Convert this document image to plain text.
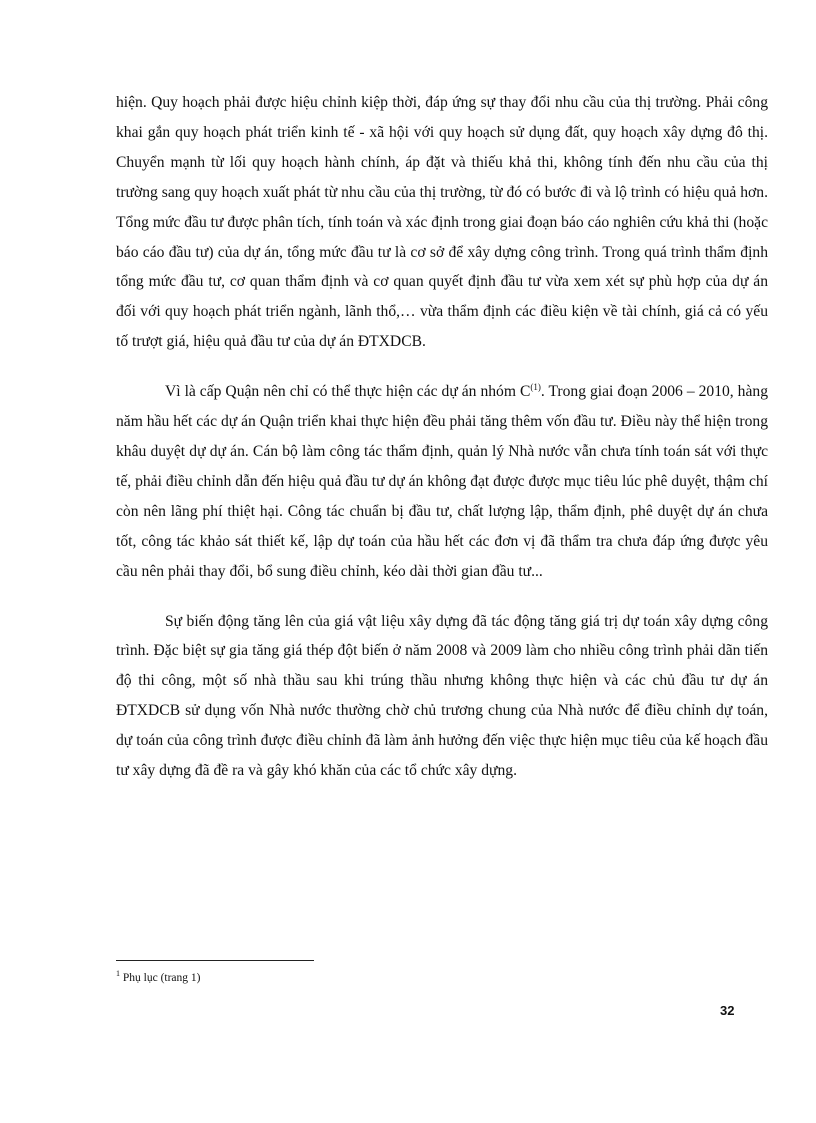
hiện. Quy hoạch phải được hiệu chỉnh kiệp thời, đáp ứng sự thay đổi nhu cầu của thị trường. Phải công khai gắn quy hoạch phát triển kinh tế - xã hội với quy hoạch sử dụng đất, quy hoạch xây dựng đô thị. Chuyển mạnh từ lối quy hoạch hành chính, áp đặt và thiếu khả thi, không tính đến nhu cầu của thị trường sang quy hoạch xuất phát từ nhu cầu của thị trường, từ đó có bước đi và lộ trình có hiệu quả hơn. Tổng mức đầu tư được phân tích, tính toán và xác định trong giai đoạn báo cáo nghiên cứu khả thi (hoặc báo cáo đầu tư) của dự án, tổng mức đầu tư là cơ sở để xây dựng công trình. Trong quá trình thẩm định tổng mức đầu tư, cơ quan thẩm định và cơ quan quyết định đầu tư vừa xem xét sự phù hợp của dự án đối với quy hoạch phát triển ngành, lãnh thổ,… vừa thẩm định các điều kiện về tài chính, giá cả có yếu tố trượt giá, hiệu quả đầu tư của dự án ĐTXDCB.

Vì là cấp Quận nên chỉ có thể thực hiện các dự án nhóm C$^{(1)}$. Trong giai đoạn 2006 – 2010, hàng năm hầu hết các dự án Quận triển khai thực hiện đều phải tăng thêm vốn đầu tư. Điều này thể hiện trong khâu duyệt dự dự án. Cán bộ làm công tác thẩm định, quản lý Nhà nước vẫn chưa tính toán sát với thực tế, phải điều chỉnh dẫn đến hiệu quả đầu tư dự án không đạt được được mục tiêu lúc phê duyệt, thậm chí còn nên lãng phí thiệt hại. Công tác chuẩn bị đầu tư, chất lượng lập, thẩm định, phê duyệt dự án chưa tốt, công tác khảo sát thiết kế, lập dự toán của hầu hết các đơn vị đã thẩm tra chưa đáp ứng được yêu cầu nên phải thay đổi, bổ sung điều chỉnh, kéo dài thời gian đầu tư...

Sự biến động tăng lên của giá vật liệu xây dựng đã tác động tăng giá trị dự toán xây dựng công trình. Đặc biệt sự gia tăng giá thép đột biến ở năm 2008 và 2009 làm cho nhiều công trình phải dãn tiến độ thi công, một số nhà thầu sau khi trúng thầu nhưng không thực hiện và các chủ đầu tư dự án ĐTXDCB sử dụng vốn Nhà nước thường chờ chủ trương chung của Nhà nước để điều chỉnh dự toán, dự toán của công trình được điều chỉnh đã làm ảnh hưởng đến việc thực hiện mục tiêu của kế hoạch đầu tư xây dựng đã đề ra và gây khó khăn của các tổ chức xây dựng.

$^1$ Phụ lục (trang 1)
32
